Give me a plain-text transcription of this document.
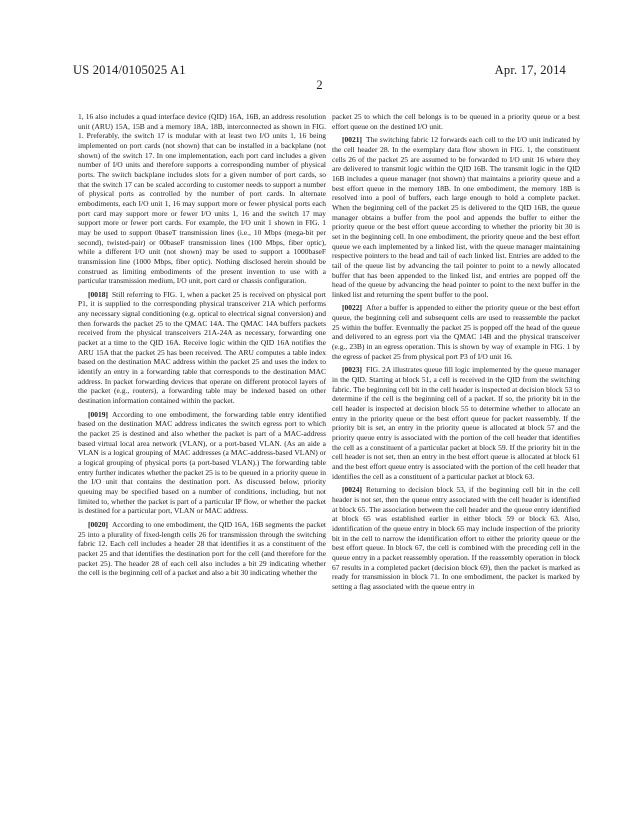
US 2014/0105025 A1	Apr. 17, 2014
2

1, 16 also includes a quad interface device (QID) 16A, 16B, an address resolution unit (ARU) 15A, 15B and a memory 18A, 18B, interconnected as shown in FIG. 1. Preferably, the switch 17 is modular with at least two I/O units 1, 16 being implemented on port cards (not shown) that can be installed in a backplane (not shown) of the switch 17. In one implementation, each port card includes a given number of I/O units and therefore supports a corresponding number of physical ports. The switch backplane includes slots for a given number of port cards, so that the switch 17 can be scaled according to customer needs to support a number of physical ports as controlled by the number of port cards. In alternate embodiments, each I/O unit 1, 16 may support more or fewer physical ports each port card may support more or fewer I/O units 1, 16 and the switch 17 may support more or fewer port cards. For example, the I/O unit 1 shown in FIG. 1 may be used to support 0baseT transmission lines (i.e., 10 Mbps (mega-bit per second), twisted-pair) or 00baseF transmission lines (100 Mbps, fiber optic), while a different I/O unit (not shown) may be used to support a 1000baseF transmission line (1000 Mbps, fiber optic). Nothing disclosed herein should be construed as limiting embodiments of the present invention to use with a particular transmission medium, I/O unit, port card or chassis configuration.

[0018] Still referring to FIG. 1, when a packet 25 is received on physical port P1, it is supplied to the corresponding physical transceiver 21A which performs any necessary signal conditioning (e.g. optical to electrical signal conversion) and then forwards the packet 25 to the QMAC 14A. The QMAC 14A buffers packets received from the physical transceivers 21A-24A as necessary, forwarding one packet at a time to the QID 16A. Receive logic within the QID 16A notifies the ARU 15A that the packet 25 has been received. The ARU computes a table index based on the destination MAC address within the packet 25 and uses the index to identify an entry in a forwarding table that corresponds to the destination MAC address. In packet forwarding devices that operate on different protocol layers of the packet (e.g., routers), a forwarding table may be indexed based on other destination information contained within the packet.

[0019] According to one embodiment, the forwarding table entry identified based on the destination MAC address indicates the switch egress port to which the packet 25 is destined and also whether the packet is part of a MAC-address based virtual local area network (VLAN), or a port-based VLAN. (As an aide a VLAN is a logical grouping of MAC addresses (a MAC-address-based VLAN) or a logical grouping of physical ports (a port-based VLAN).) The forwarding table entry further indicates whether the packet 25 is to be queued in a priority queue in the I/O unit that contains the destination port. As discussed below, priority queuing may be specified based on a number of conditions, including, but not limited to, whether the packet is part of a particular IP flow, or whether the packet is destined for a particular port, VLAN or MAC address.

[0020] According to one embodiment, the QID 16A, 16B segments the packet 25 into a plurality of fixed-length cells 26 for transmission through the switching fabric 12. Each cell includes a header 28 that identifies it as a constituent of the packet 25 and that identifies the destination port for the cell (and therefore for the packet 25). The header 28 of each cell also includes a bit 29 indicating whether the cell is the beginning cell of a packet and also a bit 30 indicating whether the

packet 25 to which the cell belongs is to be queued in a priority queue or a best effort queue on the destined I/O unit.

[0021] The switching fabric 12 forwards each cell to the I/O unit indicated by the cell header 28. In the exemplary data flow shown in FIG. 1, the constituent cells 26 of the packet 25 are assumed to be forwarded to I/O unit 16 where they are delivered to transmit logic within the QID 16B. The transmit logic in the QID 16B includes a queue manager (not shown) that maintains a priority queue and a best effort queue in the memory 18B. In one embodiment, the memory 18B is resolved into a pool of buffers, each large enough to hold a complete packet. When the beginning cell of the packet 25 is delivered to the QID 16B, the queue manager obtains a buffer from the pool and appends the buffer to either the priority queue or the best effort queue according to whether the priority bit 30 is set in the beginning cell. In one embodiment, the priority queue and the best effort queue we each implemented by a linked list, with the queue manager maintaining respective pointers to the head and tail of each linked list. Entries are added to the tail of the queue list by advancing the tail pointer to point to a newly allocated buffer that has been appended to the linked list, and entries are popped off the head of the queue by advancing the head pointer to point to the next buffer in the linked list and returning the spent buffer to the pool.

[0022] After a buffer is appended to either the priority queue or the best effort queue, the beginning cell and subsequent cells are used to reassemble the packet 25 within the buffer. Eventually the packet 25 is popped off the head of the queue and delivered to an egress port via the QMAC 14B and the physical transceiver (e.g., 23B) in an egress operation. This is shown by way of example in FIG. 1 by the egress of packet 25 from physical port P3 of I/O unit 16.

[0023] FIG. 2A illustrates queue fill logic implemented by the queue manager in the QID. Starting at block 51, a cell is received in the QID from the switching fabric. The beginning cell bit in the cell header is inspected at decision block 53 to determine if the cell is the beginning cell of a packet. If so, the priority bit in the cell header is inspected at decision block 55 to determine whether to allocate an entry in the priority queue or the best effort queue for packet reassembly. If the priority bit is set, an entry in the priority queue is allocated at block 57 and the priority queue entry is associated with the portion of the cell header that identifies the cell as a constituent of a particular packet at block 59. If the priority bit in the cell header is not set, then an entry in the best effort queue is allocated at block 61 and the best effort queue entry is associated with the portion of the cell header that identifies the cell as a constituent of a particular packet at block 63.

[0024] Returning to decision block 53, if the beginning cell bit in the cell header is not set, then the queue entry associated with the cell header is identified at block 65. The association between the cell header and the queue entry identified at block 65 was established earlier in either block 59 or block 63. Also, identification of the queue entry in block 65 may include inspection of the priority bit in the cell to narrow the identification effort to either the priority queue or the best effort queue. In block 67, the cell is combined with the preceding cell in the queue entry in a packet reassembly operation. If the reassembly operation in block 67 results in a completed packet (decision block 69), then the packet is marked as ready for transmission in block 71. In one embodiment, the packet is marked by setting a flag associated with the queue entry in
